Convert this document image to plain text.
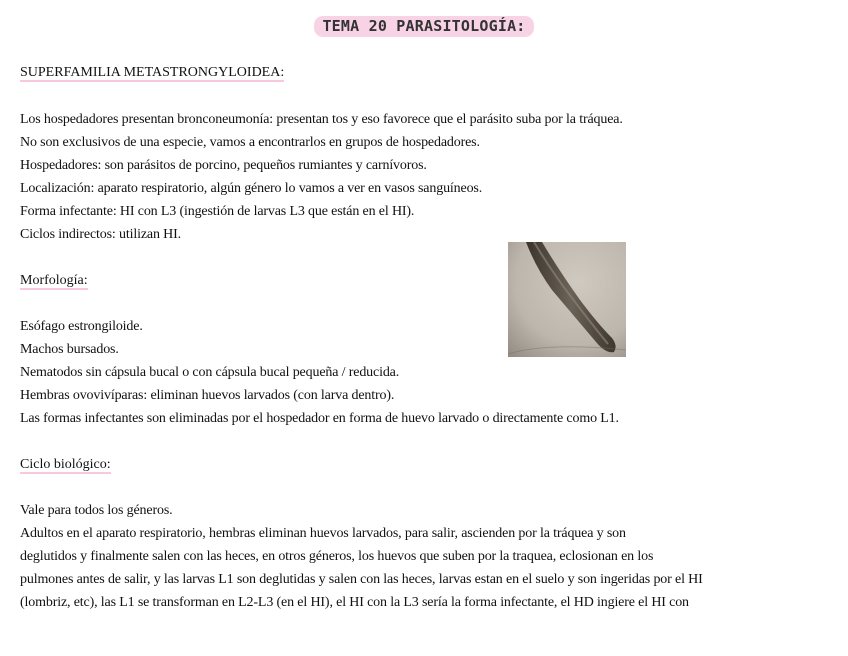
TEMA 20 PARASITOLOGÍA:
SUPERFAMILIA METASTRONGYLOIDEA:
Los hospedadores presentan bronconeumonía: presentan tos y eso favorece que el parásito suba por la tráquea.
No son exclusivos de una especie, vamos a encontrarlos en grupos de hospedadores.
Hospedadores: son parásitos de porcino, pequeños rumiantes y carnívoros.
Localización: aparato respiratorio, algún género lo vamos a ver en vasos sanguíneos.
Forma infectante: HI con L3 (ingestión de larvas L3 que están en el HI).
Ciclos indirectos: utilizan HI.
Morfología:
Esófago estrongiloide.
Machos bursados.
Nematodos sin cápsula bucal o con cápsula bucal pequeña / reducida.
Hembras ovovivíparas: eliminan huevos larvados (con larva dentro).
Las formas infectantes son eliminadas por el hospedador en forma de huevo larvado o directamente como L1.
Ciclo biológico:
Vale para todos los géneros.
Adultos en el aparato respiratorio, hembras eliminan huevos larvados, para salir, ascienden por la tráquea y son
deglutidos y finalmente salen con las heces, en otros géneros, los huevos que suben por la traquea, eclosionan en los
pulmones antes de salir, y las larvas L1 son deglutidas y salen con las heces, larvas estan en el suelo y son ingeridas por el HI
(lombriz, etc), las L1 se transforman en L2-L3 (en el HI), el HI con la L3 sería la forma infectante, el HD ingiere el HI con
